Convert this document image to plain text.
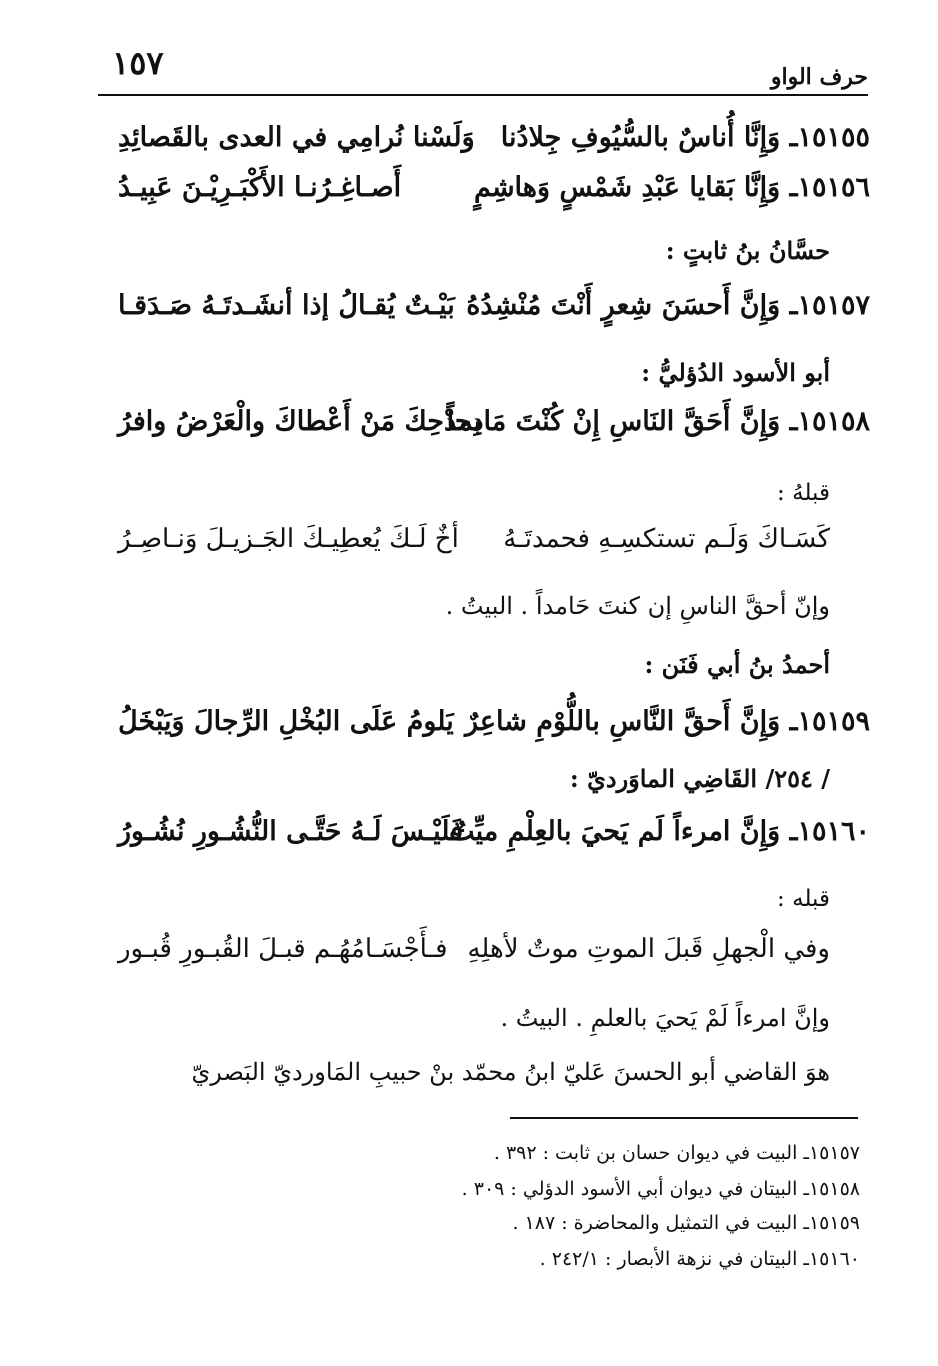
١٥٧	حرف الواو
١٥١٥٥ـ وَإِنَّا أُناسٌ بالسُّيُوفِ جِلادُنا
وَلَسْنا نُرامِي في العدى بالقَصائِدِ
١٥١٥٦ـ وَإِنَّا بَقايا عَبْدِ شَمْسٍ وَهاشِمٍ
أَصـاغِـرُنـا الأَكْبَـرِيْـنَ عَبِيـدُ
حسَّانُ بنُ ثابتٍ :
١٥١٥٧ـ وَإِنَّ أَحسَنَ شِعرٍ أَنْتَ مُنْشِدُهُ
بَيْـتٌ يُقـالُ إذا أنشَـدتَـهُ صَـدَقـا
أبو الأسود الدُؤليُّ :
١٥١٥٨ـ وَإِنَّ أَحَقَّ النَاسِ إِنْ كُنْتَ مَادِحاً
بمدْحِكَ مَنْ أَعْطاكَ والْعَرْضُ وافرُ
قبلهُ :
كَسَـاكَ وَلَـم تستكسِـهِ فحمدتَـهُ
أخٌ لَـكَ يُعطِيـكَ الجَـزيـلَ وَنـاصِـرُ
وإنّ أحقَّ الناسِ إن كنتَ حَامداً . البيتُ .
أحمدُ بنُ أبي فَنَن :
١٥١٥٩ـ وَإِنَّ أَحقَّ النَّاسِ باللُّوْمِ شاعِرٌ
يَلومُ عَلَى البُخْلِ الرِّجالَ وَيَبْخَلُ
/ ٢٥٤/ القَاضِي الماوَرديّ :
١٥١٦٠ـ وَإِنَّ امرءاً لَم يَحيَ بالعِلْمِ ميِّتٌ
فَلَيْـسَ لَـهُ حَتَّـى النُّشُـورِ نُشُـورُ
قبله :
وفي الْجهلِ قَبلَ الموتِ موتٌ لأهلِهِ
فـأَجْسَـامُهُـم قبـلَ القُبـورِ قُبـور
وإنَّ امرءاً لَمْ يَحيَ بالعلمِ . البيتُ .
هوَ القاضي أبو الحسنَ عَليّ ابنُ محمّد بنْ حبيبِ المَاورديّ البَصريّ
١٥١٥٧ـ البيت في ديوان حسان بن ثابت : ٣٩٢ .
١٥١٥٨ـ البيتان في ديوان أبي الأسود الدؤلي : ٣٠٩ .
١٥١٥٩ـ البيت في التمثيل والمحاضرة : ١٨٧ .
١٥١٦٠ـ البيتان في نزهة الأبصار : ٢٤٢/١ .
